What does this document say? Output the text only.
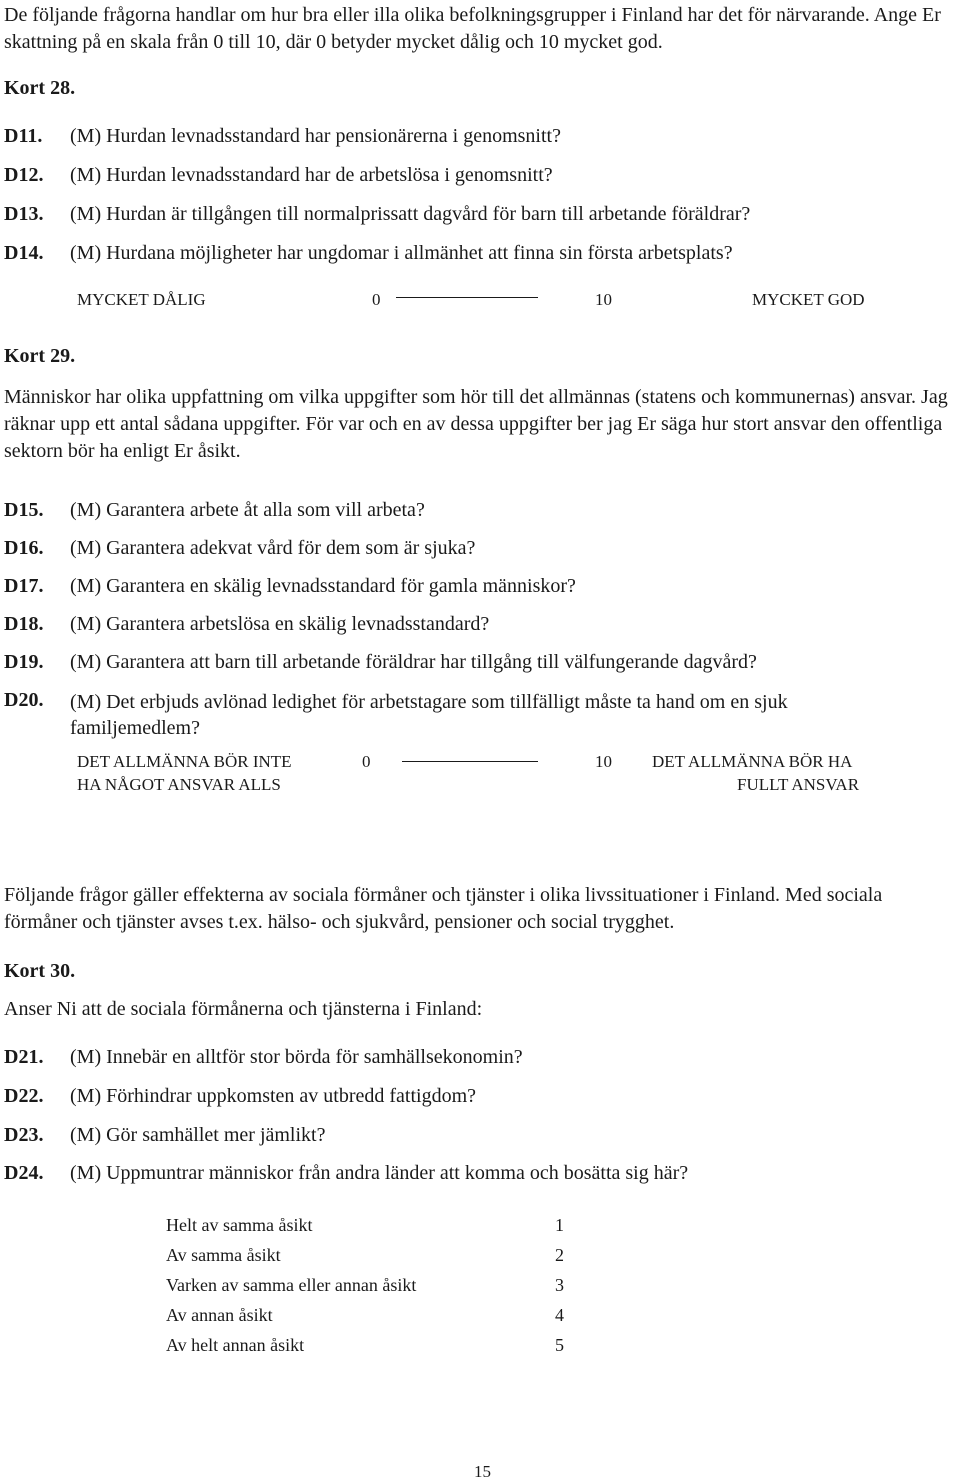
De följande frågorna handlar om hur bra eller illa olika befolkningsgrupper i Finland har det för närvarande. Ange Er skattning på en skala från 0 till 10, där 0 betyder mycket dålig och 10 mycket god.
Kort 28.
D11. (M) Hurdan levnadsstandard har pensionärerna i genomsnitt?
D12. (M) Hurdan levnadsstandard har de arbetslösa i genomsnitt?
D13. (M) Hurdan är tillgången till normalprissatt dagvård för barn till arbetande föräldrar?
D14. (M) Hurdana möjligheter har ungdomar i allmänhet att finna sin första arbetsplats?
MYCKET DÅLIG	0	10	MYCKET GOD
Kort 29.
Människor har olika uppfattning om vilka uppgifter som hör till det allmännas (statens och kommunernas) ansvar. Jag räknar upp ett antal sådana uppgifter. För var och en av dessa uppgifter ber jag Er säga hur stort ansvar den offentliga sektorn bör ha enligt Er åsikt.
D15. (M) Garantera arbete åt alla som vill arbeta?
D16. (M) Garantera adekvat vård för dem som är sjuka?
D17. (M) Garantera en skälig levnadsstandard för gamla människor?
D18. (M) Garantera arbetslösa en skälig levnadsstandard?
D19. (M) Garantera att barn till arbetande föräldrar har tillgång till välfungerande dagvård?
D20. (M) Det erbjuds avlönad ledighet för arbetstagare som tillfälligt måste ta hand om en sjuk familjemedlem?
DET ALLMÄNNA BÖR INTE
HA NÅGOT ANSVAR ALLS
0	10 DET ALLMÄNNA BÖR HA
FULLT ANSVAR
Följande frågor gäller effekterna av sociala förmåner och tjänster i olika livssituationer i Finland. Med sociala förmåner och tjänster avses t.ex. hälso- och sjukvård, pensioner och social trygghet.
Kort 30.
Anser Ni att de sociala förmånerna och tjänsterna i Finland:
D21. (M) Innebär en alltför stor börda för samhällsekonomin?
D22. (M) Förhindrar uppkomsten av utbredd fattigdom?
D23. (M) Gör samhället mer jämlikt?
D24. (M) Uppmuntrar människor från andra länder att komma och bosätta sig här?
Helt av samma åsikt	1
Av samma åsikt	2
Varken av samma eller annan åsikt	3
Av annan åsikt	4
Av helt annan åsikt	5
15
